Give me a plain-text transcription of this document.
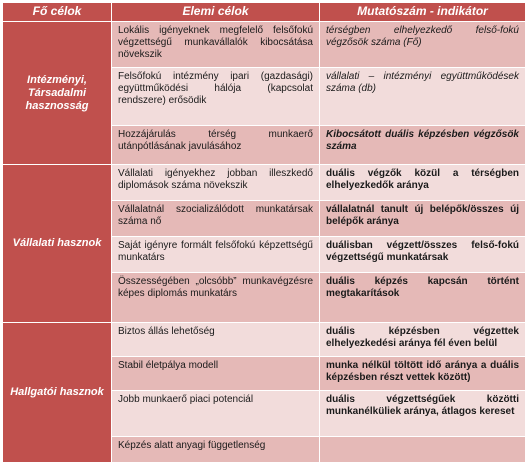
Fő célok	Elemi célok	Mutatószám - indikátor
Intézményi, Társadalmi hasznosság	Lokális igényeknek megfelelő felsőfokú végzettségű munkavállalók kibocsátása növekszik	térségben elhelyezkedő felső-fokú végzősök száma (Fő)
	Felsőfokú intézmény ipari (gazdasági) együttműködési hálója (kapcsolat rendszere) erősödik	vállalati – intézményi együttműködések száma (db)
	Hozzájárulás térség munkaerő utánpótlásának javulásához	Kibocsátott duális képzésben végzősök száma
Vállalati hasznok	Vállalati igényekhez jobban illeszkedő diplomások száma növekszik	duális végzők közül a térségben elhelyezkedők aránya
	Vállalatnál szocializálódott munkatársak száma nő	vállalatnál tanult új belépők/összes új belépők aránya
	Saját igényre formált felsőfokú képzettségű munkatárs	duálisban végzett/összes felső-fokú végzettségű munkatársak
	Összességében „olcsóbb” munkavégzésre képes diplomás munkatárs	duális képzés kapcsán történt megtakarítások
Hallgatói hasznok	Biztos állás lehetőség	duális képzésben végzettek elhelyezkedési aránya fél éven belül
	Stabil életpálya modell	munka nélkül töltött idő aránya a duális képzésben részt vettek között)
	Jobb munkaerő piaci potenciál	duális végzettségűek közötti munkanélküliek aránya, átlagos kereset
	Képzés alatt anyagi függetlenség	
